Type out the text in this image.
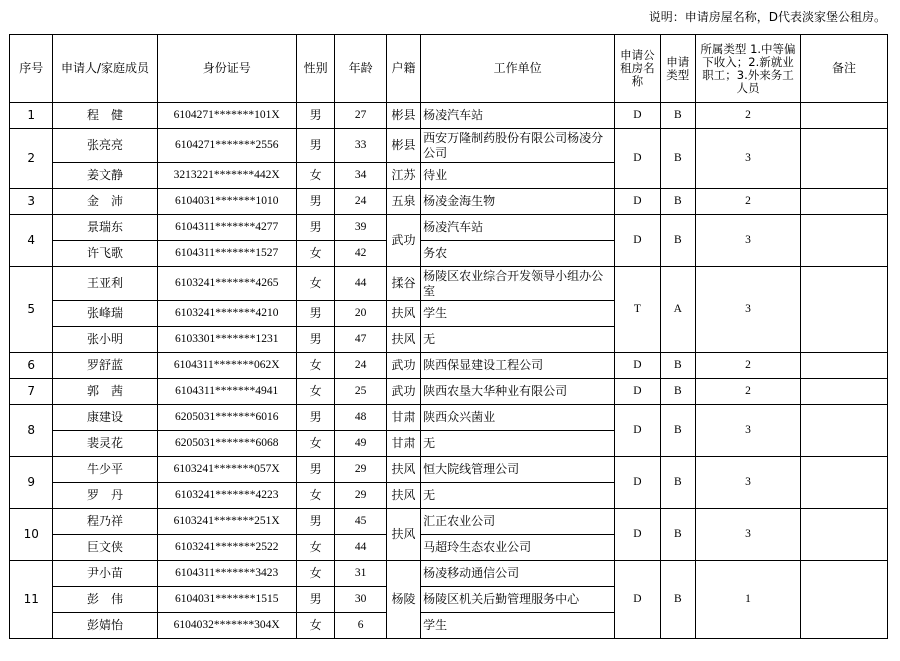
说明：申请房屋名称，D代表淡家堡公租房。
序号	申请人/家庭成员	身份证号	性别	年龄	户籍	工作单位	申请公租房名称	申请类型	所属类型 1.中等偏下收入；2.新就业职工；3.外来务工人员	备注
1	程　健	6104271*******101X	男	27	彬县	杨凌汽车站	D	B	2	
2	张亮亮	6104271*******2556	男	33	彬县	西安万隆制药股份有限公司杨凌分公司	D	B	3	
	姜文静	3213221*******442X	女	34	江苏	待业				
3	金　沛	6104031*******1010	男	24	五泉	杨凌金海生物	D	B	2	
4	景瑞东	6104311*******4277	男	39	武功	杨凌汽车站	D	B	3	
	许飞歌	6104311*******1527	女	42		务农				
5	王亚利	6103241*******4265	女	44	揉谷	杨陵区农业综合开发领导小组办公室	T	A	3	
	张峰瑞	6103241*******4210	男	20	扶风	学生				
	张小明	6103301*******1231	男	47	扶风	无				
6	罗舒蓝	6104311*******062X	女	24	武功	陕西保显建设工程公司	D	B	2	
7	郭　茜	6104311*******4941	女	25	武功	陕西农垦大华种业有限公司	D	B	2	
8	康建设	6205031*******6016	男	48	甘肃	陕西众兴菌业	D	B	3	
	裴灵花	6205031*******6068	女	49	甘肃	无				
9	牛少平	6103241*******057X	男	29	扶风	恒大院线管理公司	D	B	3	
	罗　丹	6103241*******4223	女	29	扶风	无				
10	程乃祥	6103241*******251X	男	45	扶风	汇正农业公司	D	B	3	
	巨文侠	6103241*******2522	女	44		马超玲生态农业公司				
11	尹小苗	6104311*******3423	女	31	杨陵	杨凌移动通信公司	D	B	1	
	彭　伟	6104031*******1515	男	30		杨陵区机关后勤管理服务中心				
	彭婧怡	6104032*******304X	女	6		学生				
